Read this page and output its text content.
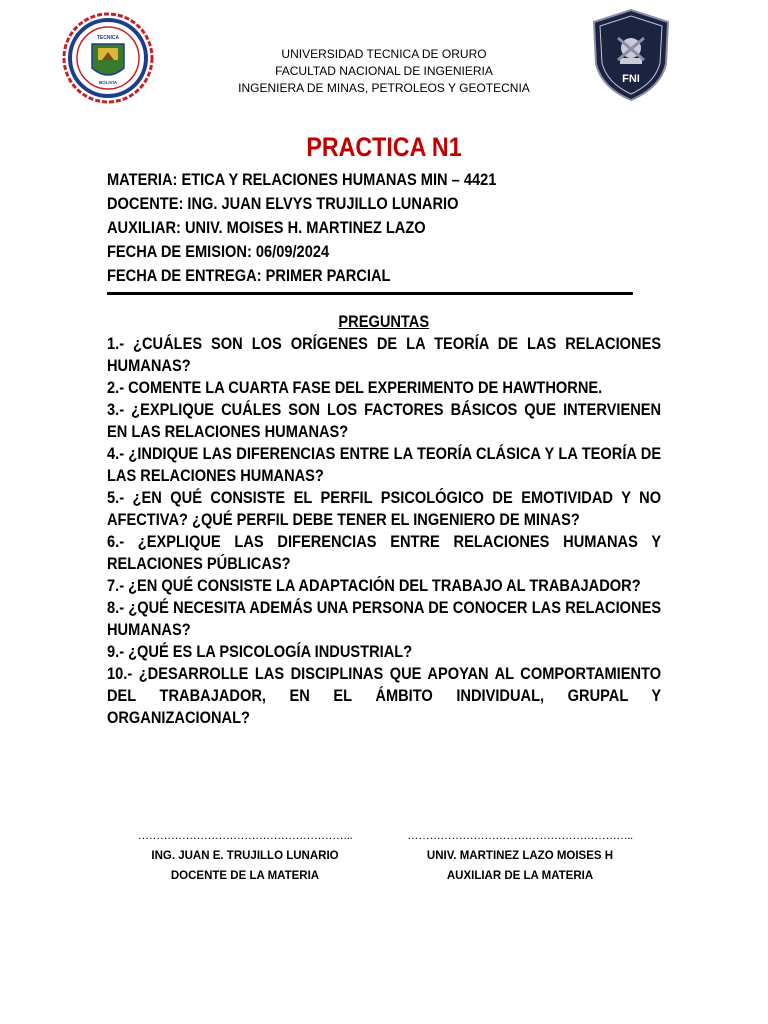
TECNICA
BOLIVIA	FNI
UNIVERSIDAD TECNICA DE ORURO
FACULTAD NACIONAL DE INGENIERIA
INGENIERA DE MINAS, PETROLEOS Y GEOTECNIA
PRACTICA N1
MATERIA: ETICA Y RELACIONES HUMANAS MIN – 4421
DOCENTE: ING. JUAN ELVYS TRUJILLO LUNARIO
AUXILIAR: UNIV. MOISES H. MARTINEZ LAZO
FECHA DE EMISION: 06/09/2024
FECHA DE ENTREGA: PRIMER PARCIAL
PREGUNTAS
1.- ¿CUÁLES SON LOS ORÍGENES DE LA TEORÍA DE LAS RELACIONES HUMANAS?
2.- COMENTE LA CUARTA FASE DEL EXPERIMENTO DE HAWTHORNE.
3.- ¿EXPLIQUE CUÁLES SON LOS FACTORES BÁSICOS QUE INTERVIENEN EN LAS RELACIONES HUMANAS?
4.- ¿INDIQUE LAS DIFERENCIAS ENTRE LA TEORÍA CLÁSICA Y LA TEORÍA DE LAS RELACIONES HUMANAS?
5.- ¿EN QUÉ CONSISTE EL PERFIL PSICOLÓGICO DE EMOTIVIDAD Y NO AFECTIVA? ¿QUÉ PERFIL DEBE TENER EL INGENIERO DE MINAS?
6.- ¿EXPLIQUE LAS DIFERENCIAS ENTRE RELACIONES HUMANAS Y RELACIONES PÚBLICAS?
7.- ¿EN QUÉ CONSISTE LA ADAPTACIÓN DEL TRABAJO AL TRABAJADOR?
8.- ¿QUÉ NECESITA ADEMÁS UNA PERSONA DE CONOCER LAS RELACIONES HUMANAS?
9.- ¿QUÉ ES LA PSICOLOGÍA INDUSTRIAL?
10.- ¿DESARROLLE LAS DISCIPLINAS QUE APOYAN AL COMPORTAMIENTO DEL TRABAJADOR, EN EL ÁMBITO INDIVIDUAL, GRUPAL Y ORGANIZACIONAL?
…………………………………………………..
ING. JUAN E. TRUJILLO LUNARIO
DOCENTE DE LA MATERIA
……………………………………………………..
UNIV. MARTINEZ LAZO MOISES H
AUXILIAR DE LA MATERIA
